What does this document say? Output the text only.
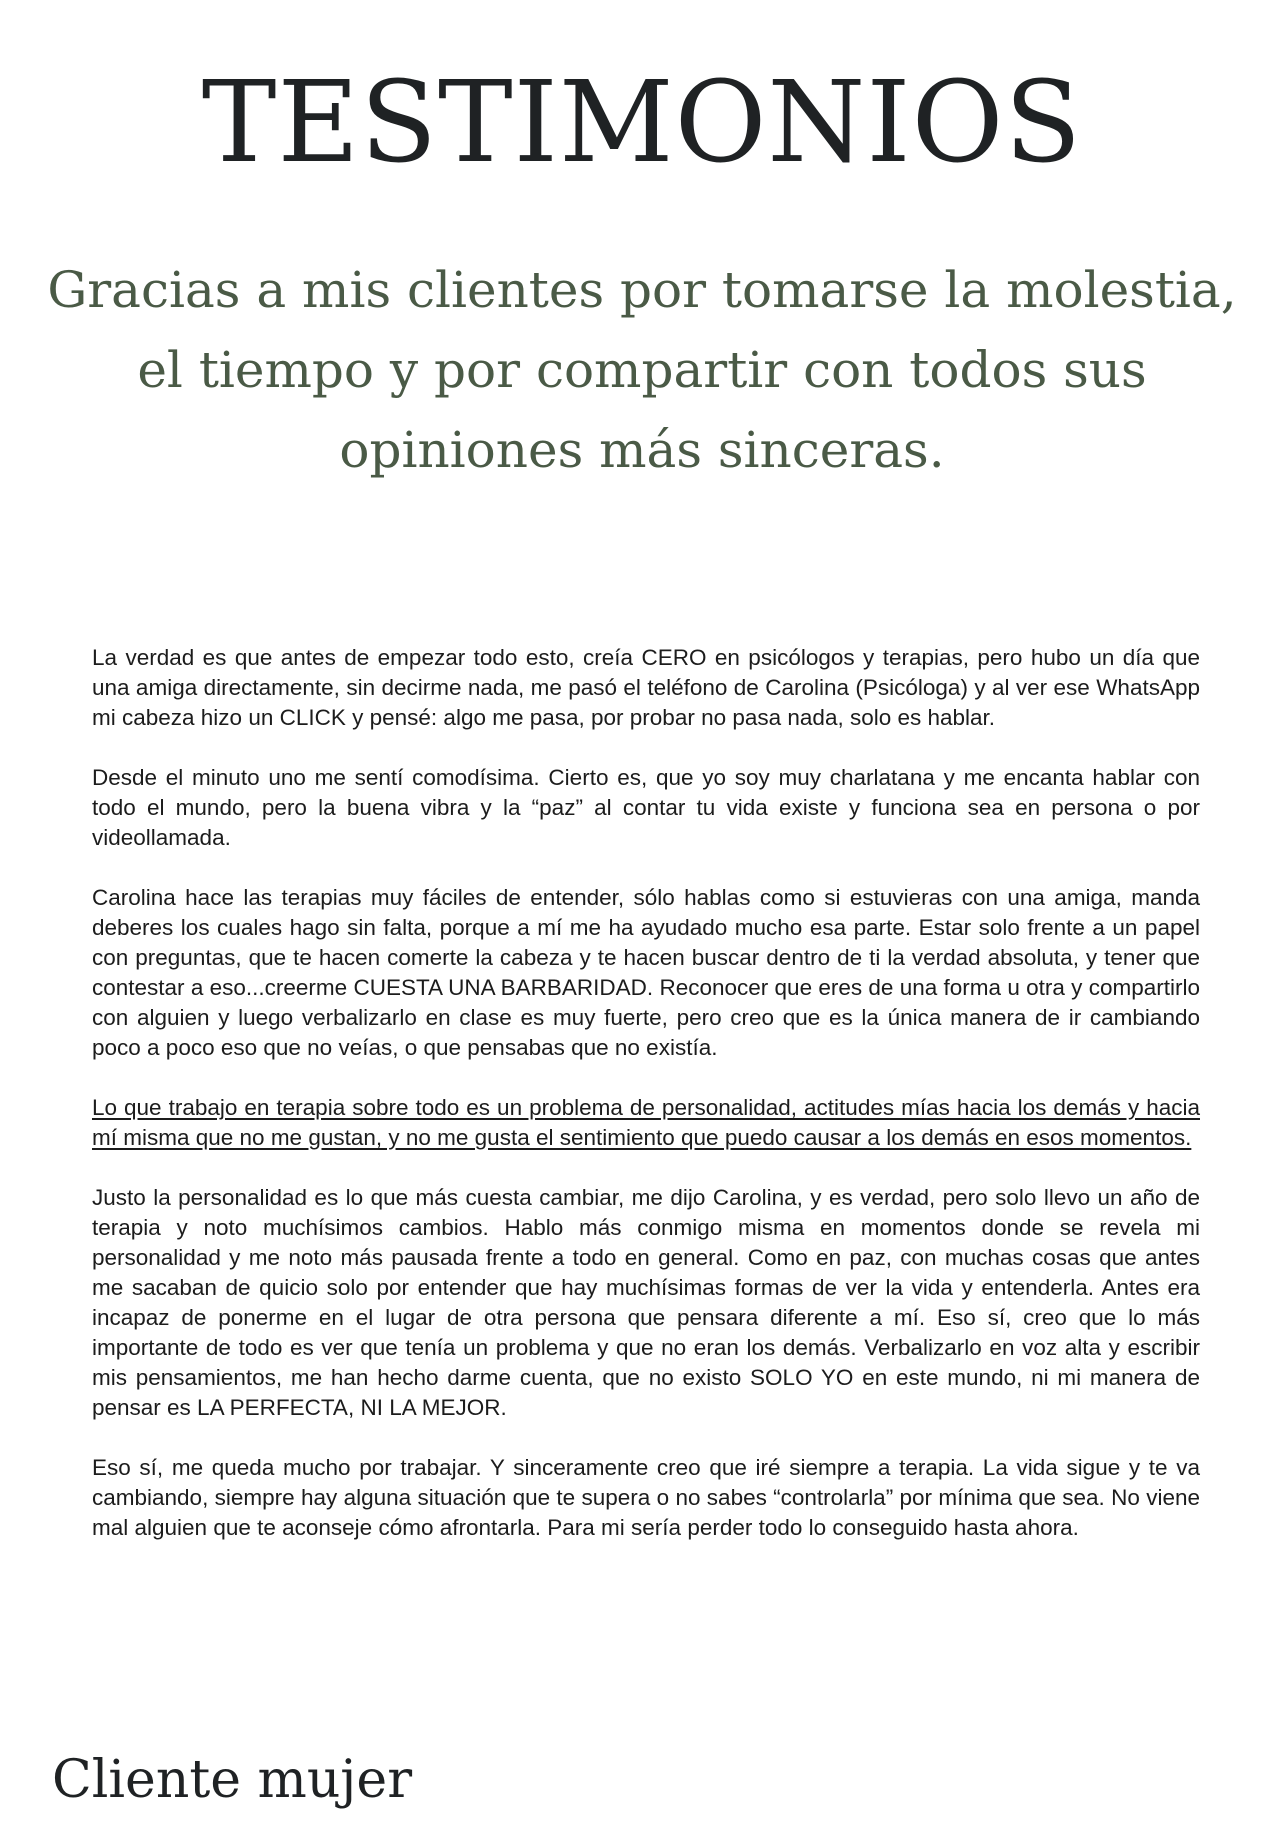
TESTIMONIOS
Gracias a mis clientes por tomarse la molestia, el tiempo y por compartir con todos sus opiniones más sinceras.

La verdad es que antes de empezar todo esto, creía CERO en psicólogos y terapias, pero hubo un día que una amiga directamente, sin decirme nada, me pasó el teléfono de Carolina (Psicóloga) y al ver ese WhatsApp mi cabeza hizo un CLICK y pensé: algo me pasa, por probar no pasa nada, solo es hablar.

Desde el minuto uno me sentí comodísima. Cierto es, que yo soy muy charlatana y me encanta hablar con todo el mundo, pero la buena vibra y la “paz” al contar tu vida existe y funciona sea en persona o por videollamada.

Carolina hace las terapias muy fáciles de entender, sólo hablas como si estuvieras con una amiga, manda deberes los cuales hago sin falta, porque a mí me ha ayudado mucho esa parte. Estar solo frente a un papel con preguntas, que te hacen comerte la cabeza y te hacen buscar dentro de ti la verdad absoluta, y tener que contestar a eso...creerme CUESTA UNA BARBARIDAD. Reconocer que eres de una forma u otra y compartirlo con alguien y luego verbalizarlo en clase es muy fuerte, pero creo que es la única manera de ir cambiando poco a poco eso que no veías, o que pensabas que no existía.

Lo que trabajo en terapia sobre todo es un problema de personalidad, actitudes mías hacia los demás y hacia mí misma que no me gustan, y no me gusta el sentimiento que puedo causar a los demás en esos momentos.

Justo la personalidad es lo que más cuesta cambiar, me dijo Carolina, y es verdad, pero solo llevo un año de terapia y noto muchísimos cambios. Hablo más conmigo misma en momentos donde se revela mi personalidad y me noto más pausada frente a todo en general. Como en paz, con muchas cosas que antes me sacaban de quicio solo por entender que hay muchísimas formas de ver la vida y entenderla. Antes era incapaz de ponerme en el lugar de otra persona que pensara diferente a mí. Eso sí, creo que lo más importante de todo es ver que tenía un problema y que no eran los demás. Verbalizarlo en voz alta y escribir mis pensamientos, me han hecho darme cuenta, que no existo SOLO YO en este mundo, ni mi manera de pensar es LA PERFECTA, NI LA MEJOR.

Eso sí, me queda mucho por trabajar. Y sinceramente creo que iré siempre a terapia. La vida sigue y te va cambiando, siempre hay alguna situación que te supera o no sabes “controlarla” por mínima que sea. No viene mal alguien que te aconseje cómo afrontarla. Para mi sería perder todo lo conseguido hasta ahora.

Cliente mujer
